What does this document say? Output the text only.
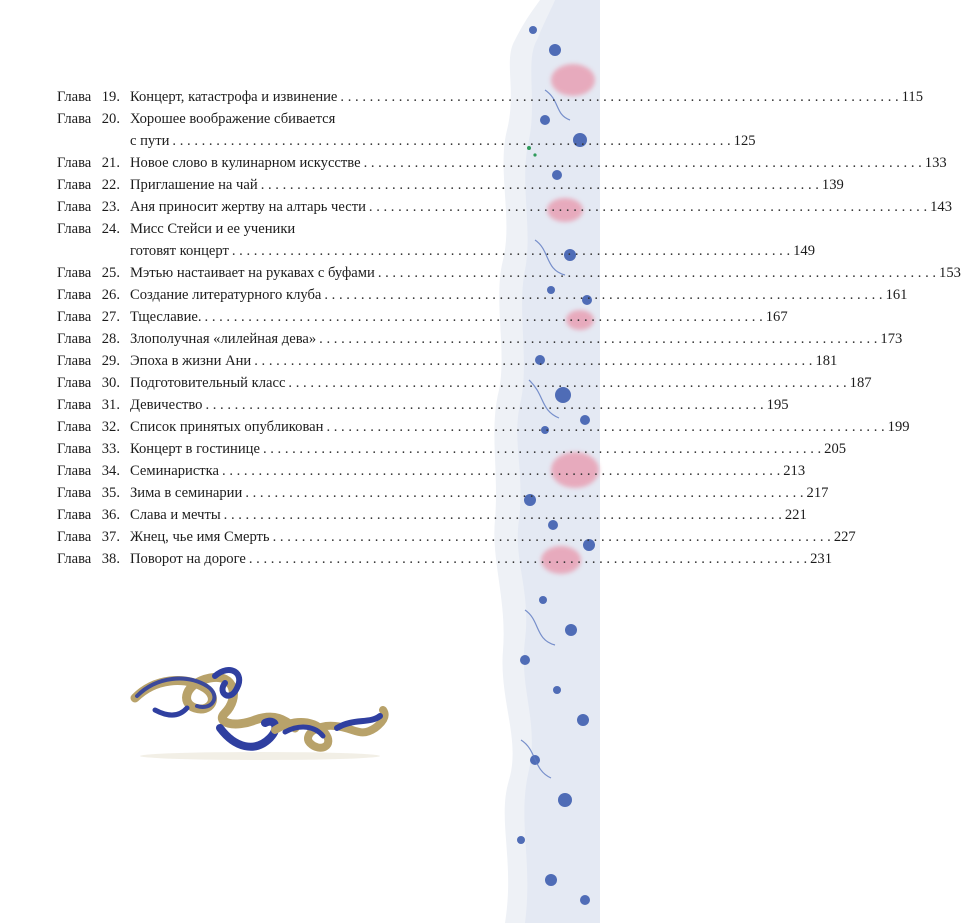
Глава 19. Концерт, катастрофа и извинение . . .	115
Глава 20. Хорошее воображение сбивается
с пути . . .	125
Глава 21. Новое слово в кулинарном искусстве . . .	133
Глава 22. Приглашение на чай . . .	139
Глава 23. Аня приносит жертву на алтарь чести . . .	143
Глава 24. Мисс Стейси и ее ученики
готовят концерт . . .	149
Глава 25. Мэтью настаивает на рукавах с буфами . . .	153
Глава 26. Создание литературного клуба . . .	161
Глава 27. Тщеславие. . . .	167
Глава 28. Злополучная «лилейная дева» . . .	173
Глава 29. Эпоха в жизни Ани . . .	181
Глава 30. Подготовительный класс . . .	187
Глава 31. Девичество . . .	195
Глава 32. Список принятых опубликован . . .	199
Глава 33. Концерт в гостинице . . .	205
Глава 34. Семинаристка . . .	213
Глава 35. Зима в семинарии . . .	217
Глава 36. Слава и мечты . . .	221
Глава 37. Жнец, чье имя Смерть . . .	227
Глава 38. Поворот на дороге . . .	231
